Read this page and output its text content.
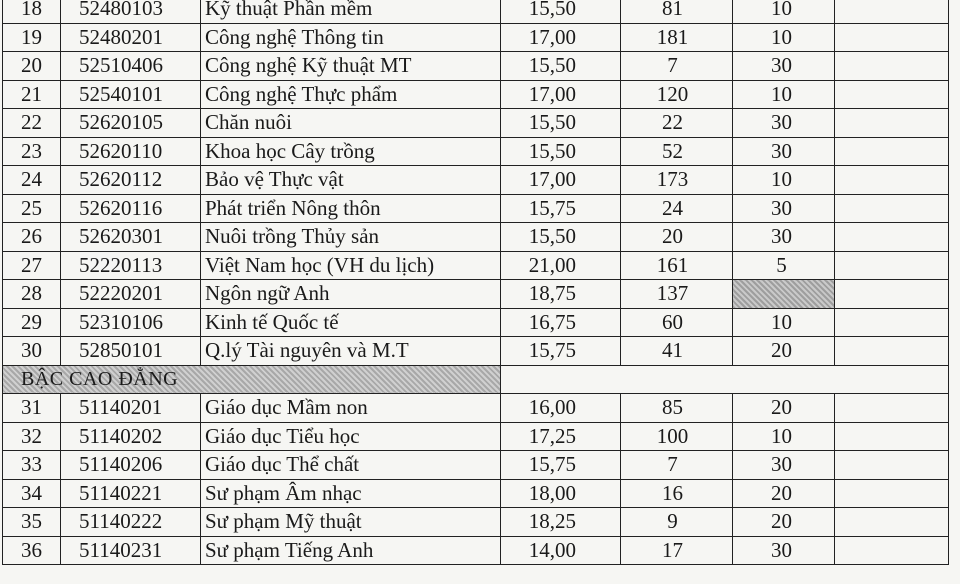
18	52480103	Kỹ thuật Phần mềm	15,50	81	10	
19	52480201	Công nghệ Thông tin	17,00	181	10	
20	52510406	Công nghệ Kỹ thuật MT	15,50	7	30	
21	52540101	Công nghệ Thực phẩm	17,00	120	10	
22	52620105	Chăn nuôi	15,50	22	30	
23	52620110	Khoa học Cây trồng	15,50	52	30	
24	52620112	Bảo vệ Thực vật	17,00	173	10	
25	52620116	Phát triển Nông thôn	15,75	24	30	
26	52620301	Nuôi trồng Thủy sản	15,50	20	30	
27	52220113	Việt Nam học (VH du lịch)	21,00	161	5	
28	52220201	Ngôn ngữ Anh	18,75	137		
29	52310106	Kinh tế Quốc tế	16,75	60	10	
30	52850101	Q.lý Tài nguyên và M.T	15,75	41	20	
BẬC CAO ĐẲNG						
31	51140201	Giáo dục Mầm non	16,00	85	20	
32	51140202	Giáo dục Tiểu học	17,25	100	10	
33	51140206	Giáo dục Thể chất	15,75	7	30	
34	51140221	Sư phạm Âm nhạc	18,00	16	20	
35	51140222	Sư phạm Mỹ thuật	18,25	9	20	
36	51140231	Sư phạm Tiếng Anh	14,00	17	30	
